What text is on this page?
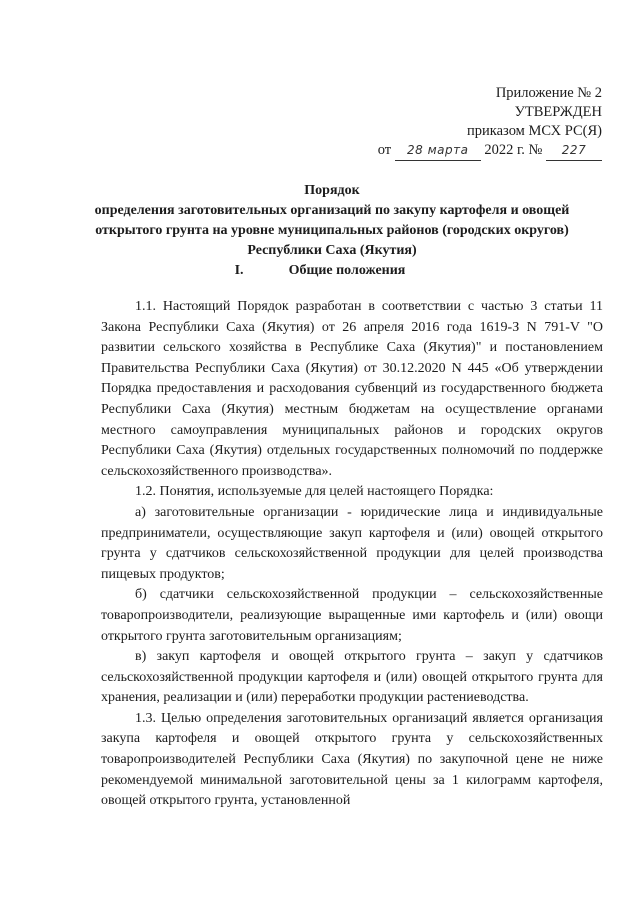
Приложение № 2
УТВЕРЖДЕН
приказом МСХ РС(Я)
от 28 марта 2022 г. № 227
Порядок
определения заготовительных организаций по закупу картофеля и овощей открытого грунта на уровне муниципальных районов (городских округов) Республики Саха (Якутия)
I.	Общие положения

1.1. Настоящий Порядок разработан в соответствии с частью 3 статьи 11 Закона Республики Саха (Якутия) от 26 апреля 2016 года 1619-З N 791-V "О развитии сельского хозяйства в Республике Саха (Якутия)" и постановлением Правительства Республики Саха (Якутия) от 30.12.2020 N 445 «Об утверждении Порядка предоставления и расходования субвенций из государственного бюджета Республики Саха (Якутия) местным бюджетам на осуществление органами местного самоуправления муниципальных районов и городских округов Республики Саха (Якутия) отдельных государственных полномочий по поддержке сельскохозяйственного производства».

1.2. Понятия, используемые для целей настоящего Порядка:

а) заготовительные организации - юридические лица и индивидуальные предприниматели, осуществляющие закуп картофеля и (или) овощей открытого грунта у сдатчиков сельскохозяйственной продукции для целей производства пищевых продуктов;

б) сдатчики сельскохозяйственной продукции – сельскохозяйственные товаропроизводители, реализующие выращенные ими картофель и (или) овощи открытого грунта заготовительным организациям;

в) закуп картофеля и овощей открытого грунта – закуп у сдатчиков сельскохозяйственной продукции картофеля и (или) овощей открытого грунта для хранения, реализации и (или) переработки продукции растениеводства.

1.3. Целью определения заготовительных организаций является организация закупа картофеля и овощей открытого грунта у сельскохозяйственных товаропроизводителей Республики Саха (Якутия) по закупочной цене не ниже рекомендуемой минимальной заготовительной цены за 1 килограмм картофеля, овощей открытого грунта, установленной
